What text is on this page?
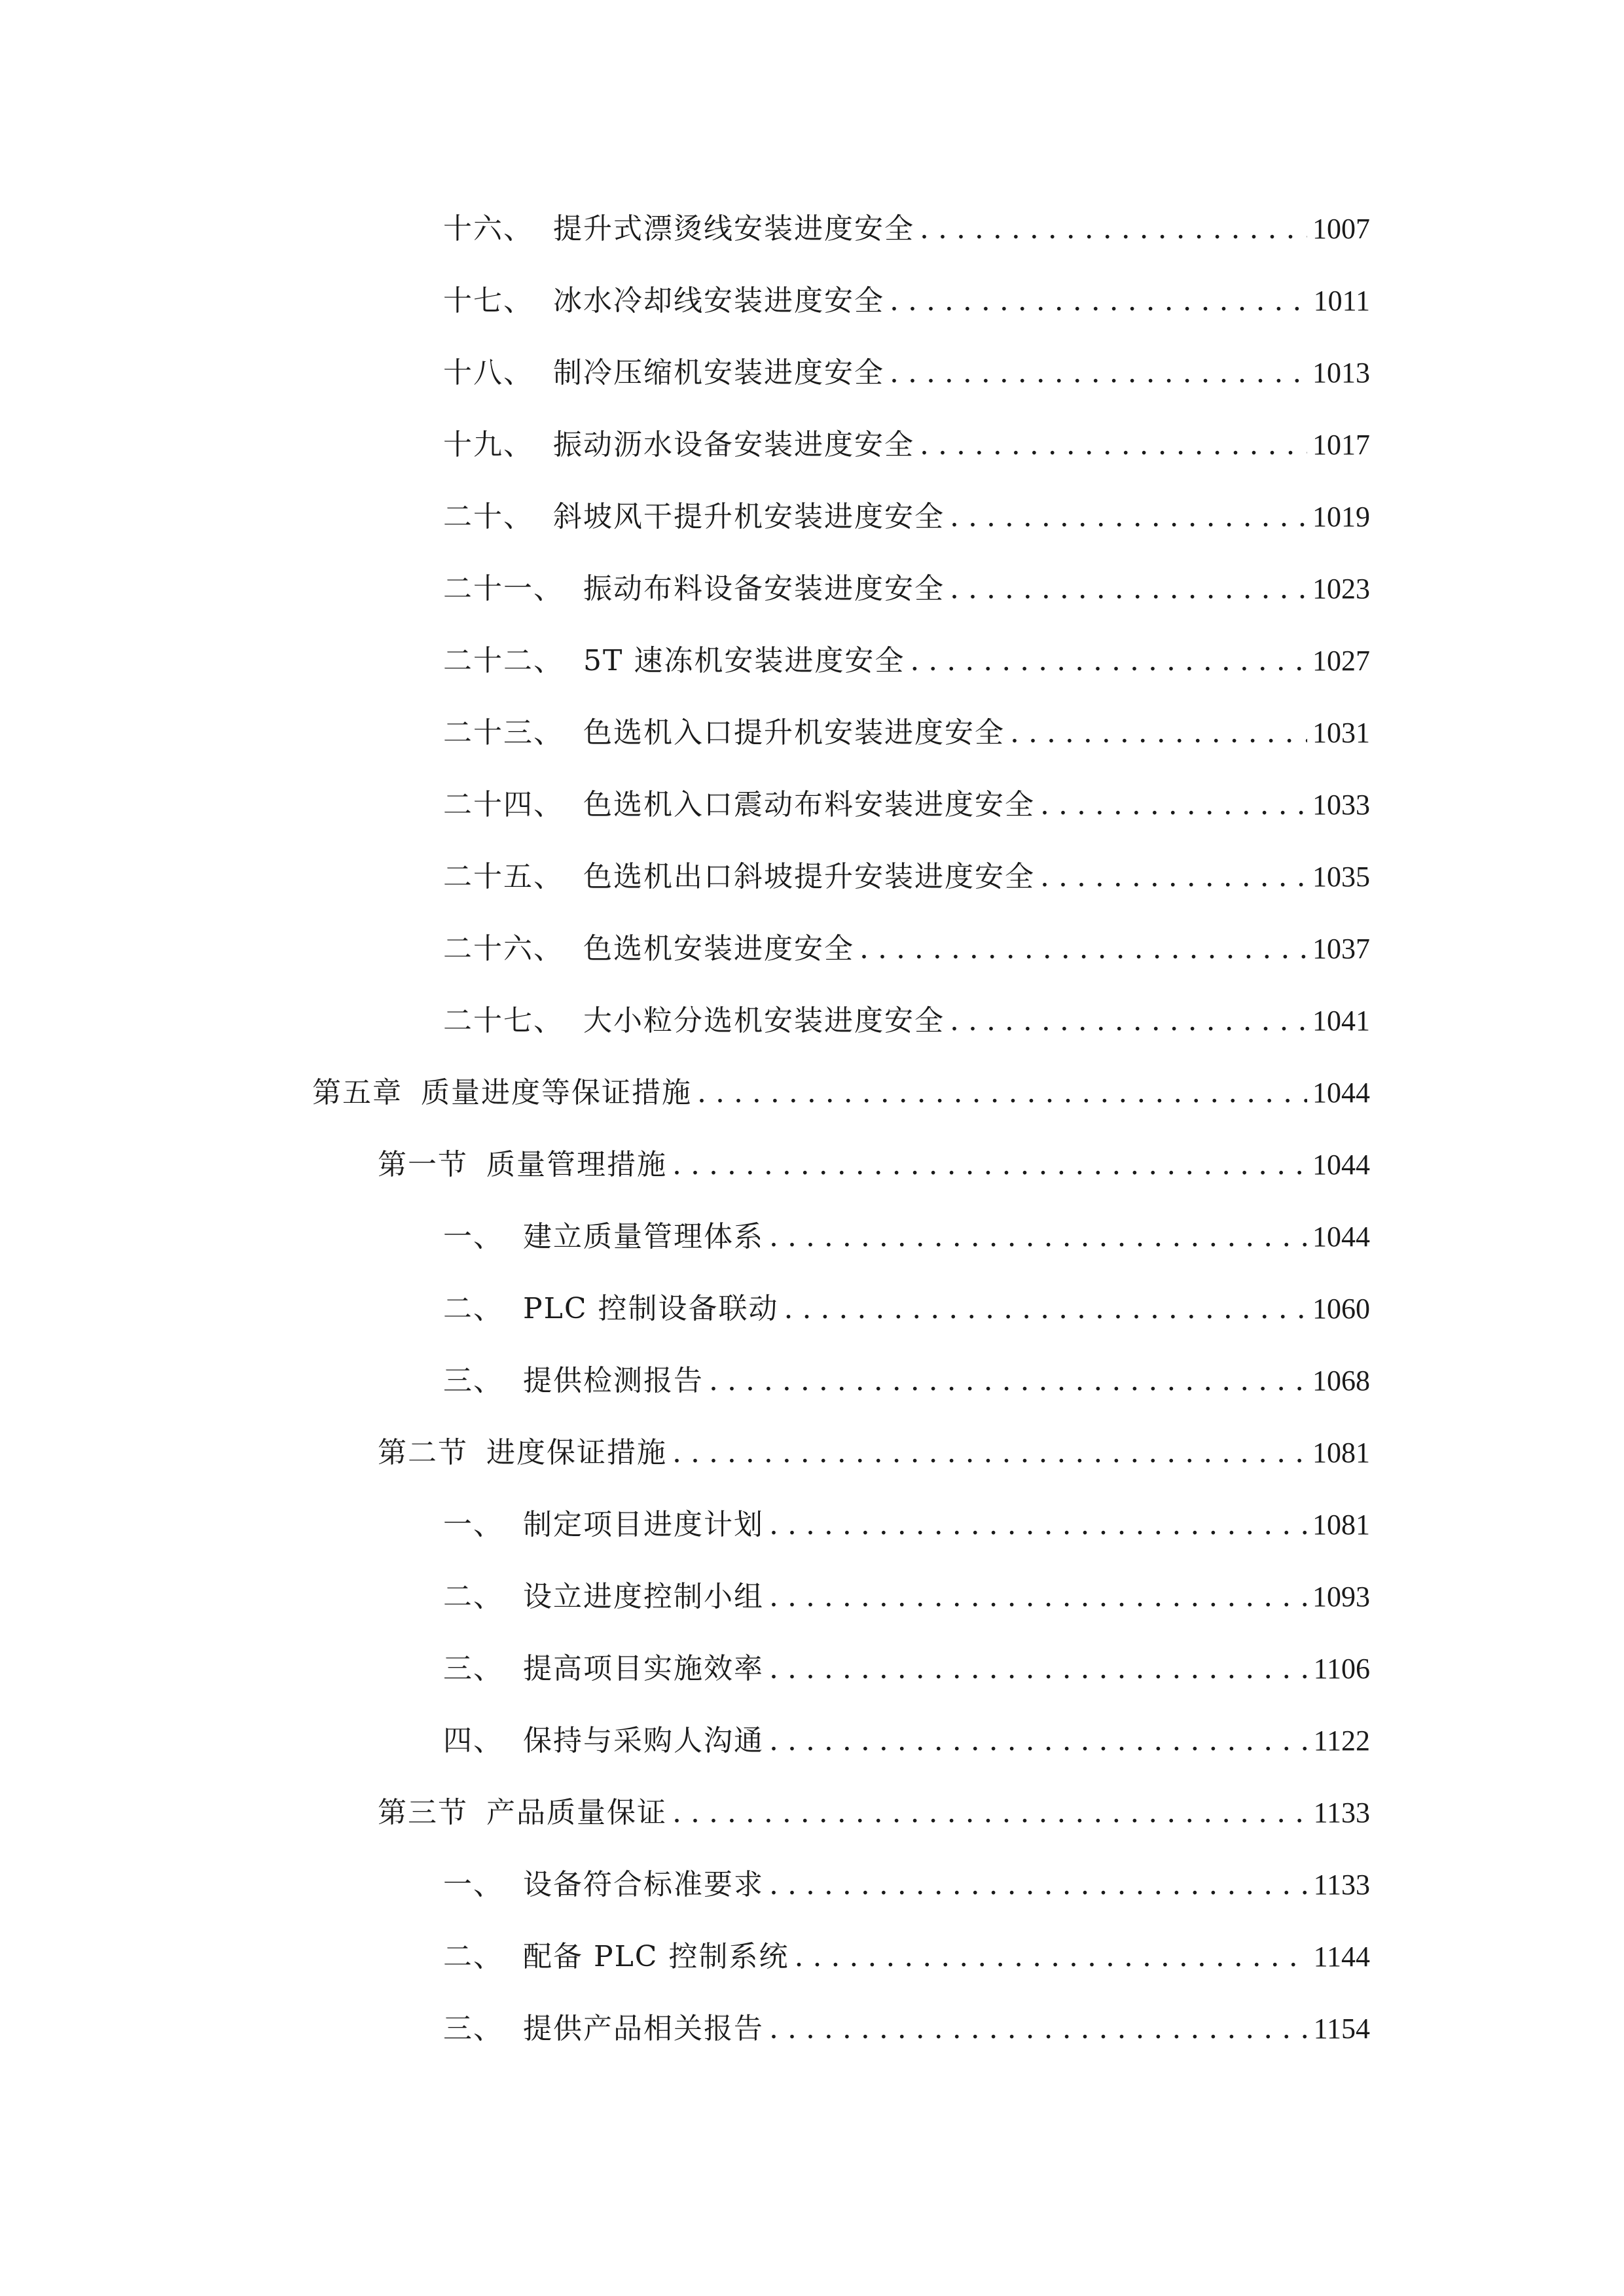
十六、 提升式漂烫线安装进度安全 . . .	1007
十七、 冰水冷却线安装进度安全 . . .	1011
十八、 制冷压缩机安装进度安全 . . .	1013
十九、 振动沥水设备安装进度安全 . . .	1017
二十、 斜坡风干提升机安装进度安全 . . .	1019
二十一、 振动布料设备安装进度安全 . . .	1023
二十二、 5T 速冻机安装进度安全 . . .	1027
二十三、 色选机入口提升机安装进度安全 . . .	1031
二十四、 色选机入口震动布料安装进度安全 . . .	1033
二十五、 色选机出口斜坡提升安装进度安全 . . .	1035
二十六、 色选机安装进度安全 . . .	1037
二十七、 大小粒分选机安装进度安全 . . .	1041
第五章 质量进度等保证措施 . . .	1044
第一节 质量管理措施 . . .	1044
一、 建立质量管理体系 . . .	1044
二、 PLC 控制设备联动 . . .	1060
三、 提供检测报告 . . .	1068
第二节 进度保证措施 . . .	1081
一、 制定项目进度计划 . . .	1081
二、 设立进度控制小组 . . .	1093
三、 提高项目实施效率 . . .	1106
四、 保持与采购人沟通 . . .	1122
第三节 产品质量保证 . . .	1133
一、 设备符合标准要求 . . .	1133
二、 配备 PLC 控制系统 . . .	1144
三、 提供产品相关报告 . . .	1154
